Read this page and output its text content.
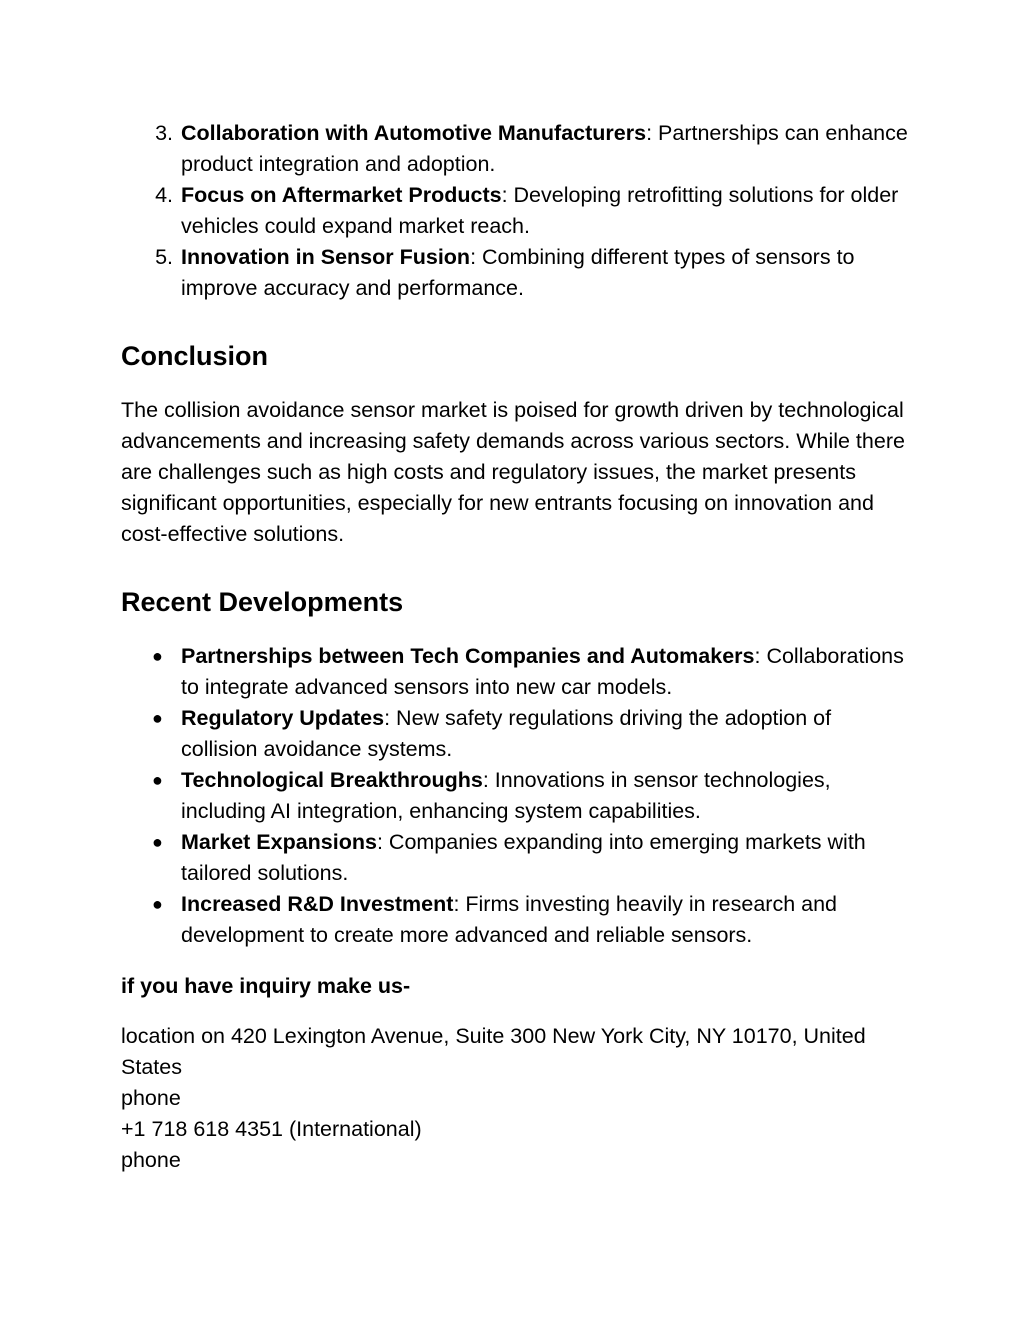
3. Collaboration with Automotive Manufacturers: Partnerships can enhance product integration and adoption.
4. Focus on Aftermarket Products: Developing retrofitting solutions for older vehicles could expand market reach.
5. Innovation in Sensor Fusion: Combining different types of sensors to improve accuracy and performance.
Conclusion

The collision avoidance sensor market is poised for growth driven by technological advancements and increasing safety demands across various sectors. While there are challenges such as high costs and regulatory issues, the market presents significant opportunities, especially for new entrants focusing on innovation and cost-effective solutions.

Recent Developments
● Partnerships between Tech Companies and Automakers: Collaborations to integrate advanced sensors into new car models.
● Regulatory Updates: New safety regulations driving the adoption of collision avoidance systems.
● Technological Breakthroughs: Innovations in sensor technologies, including AI integration, enhancing system capabilities.
● Market Expansions: Companies expanding into emerging markets with tailored solutions.
● Increased R&D Investment: Firms investing heavily in research and development to create more advanced and reliable sensors.

if you have inquiry make us-

location on 420 Lexington Avenue, Suite 300 New York City, NY 10170, United States
phone
+1 718 618 4351 (International)
phone
